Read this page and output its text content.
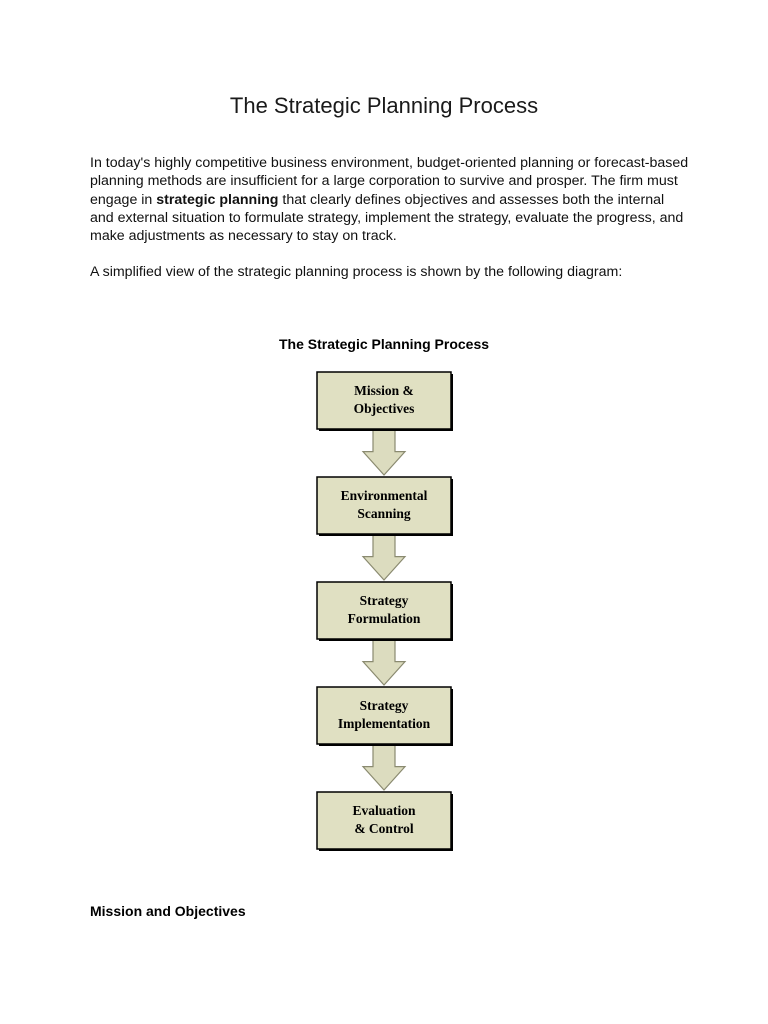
The Strategic Planning Process

In today's highly competitive business environment, budget-oriented planning or forecast-based planning methods are insufficient for a large corporation to survive and prosper. The firm must engage in strategic planning that clearly defines objectives and assesses both the internal and external situation to formulate strategy, implement the strategy, evaluate the progress, and make adjustments as necessary to stay on track.

A simplified view of the strategic planning process is shown by the following diagram:

The Strategic Planning Process

Mission &
Objectives
Environmental
Scanning
Strategy
Formulation
Strategy
Implementation
Evaluation
& Control

Mission and Objectives
